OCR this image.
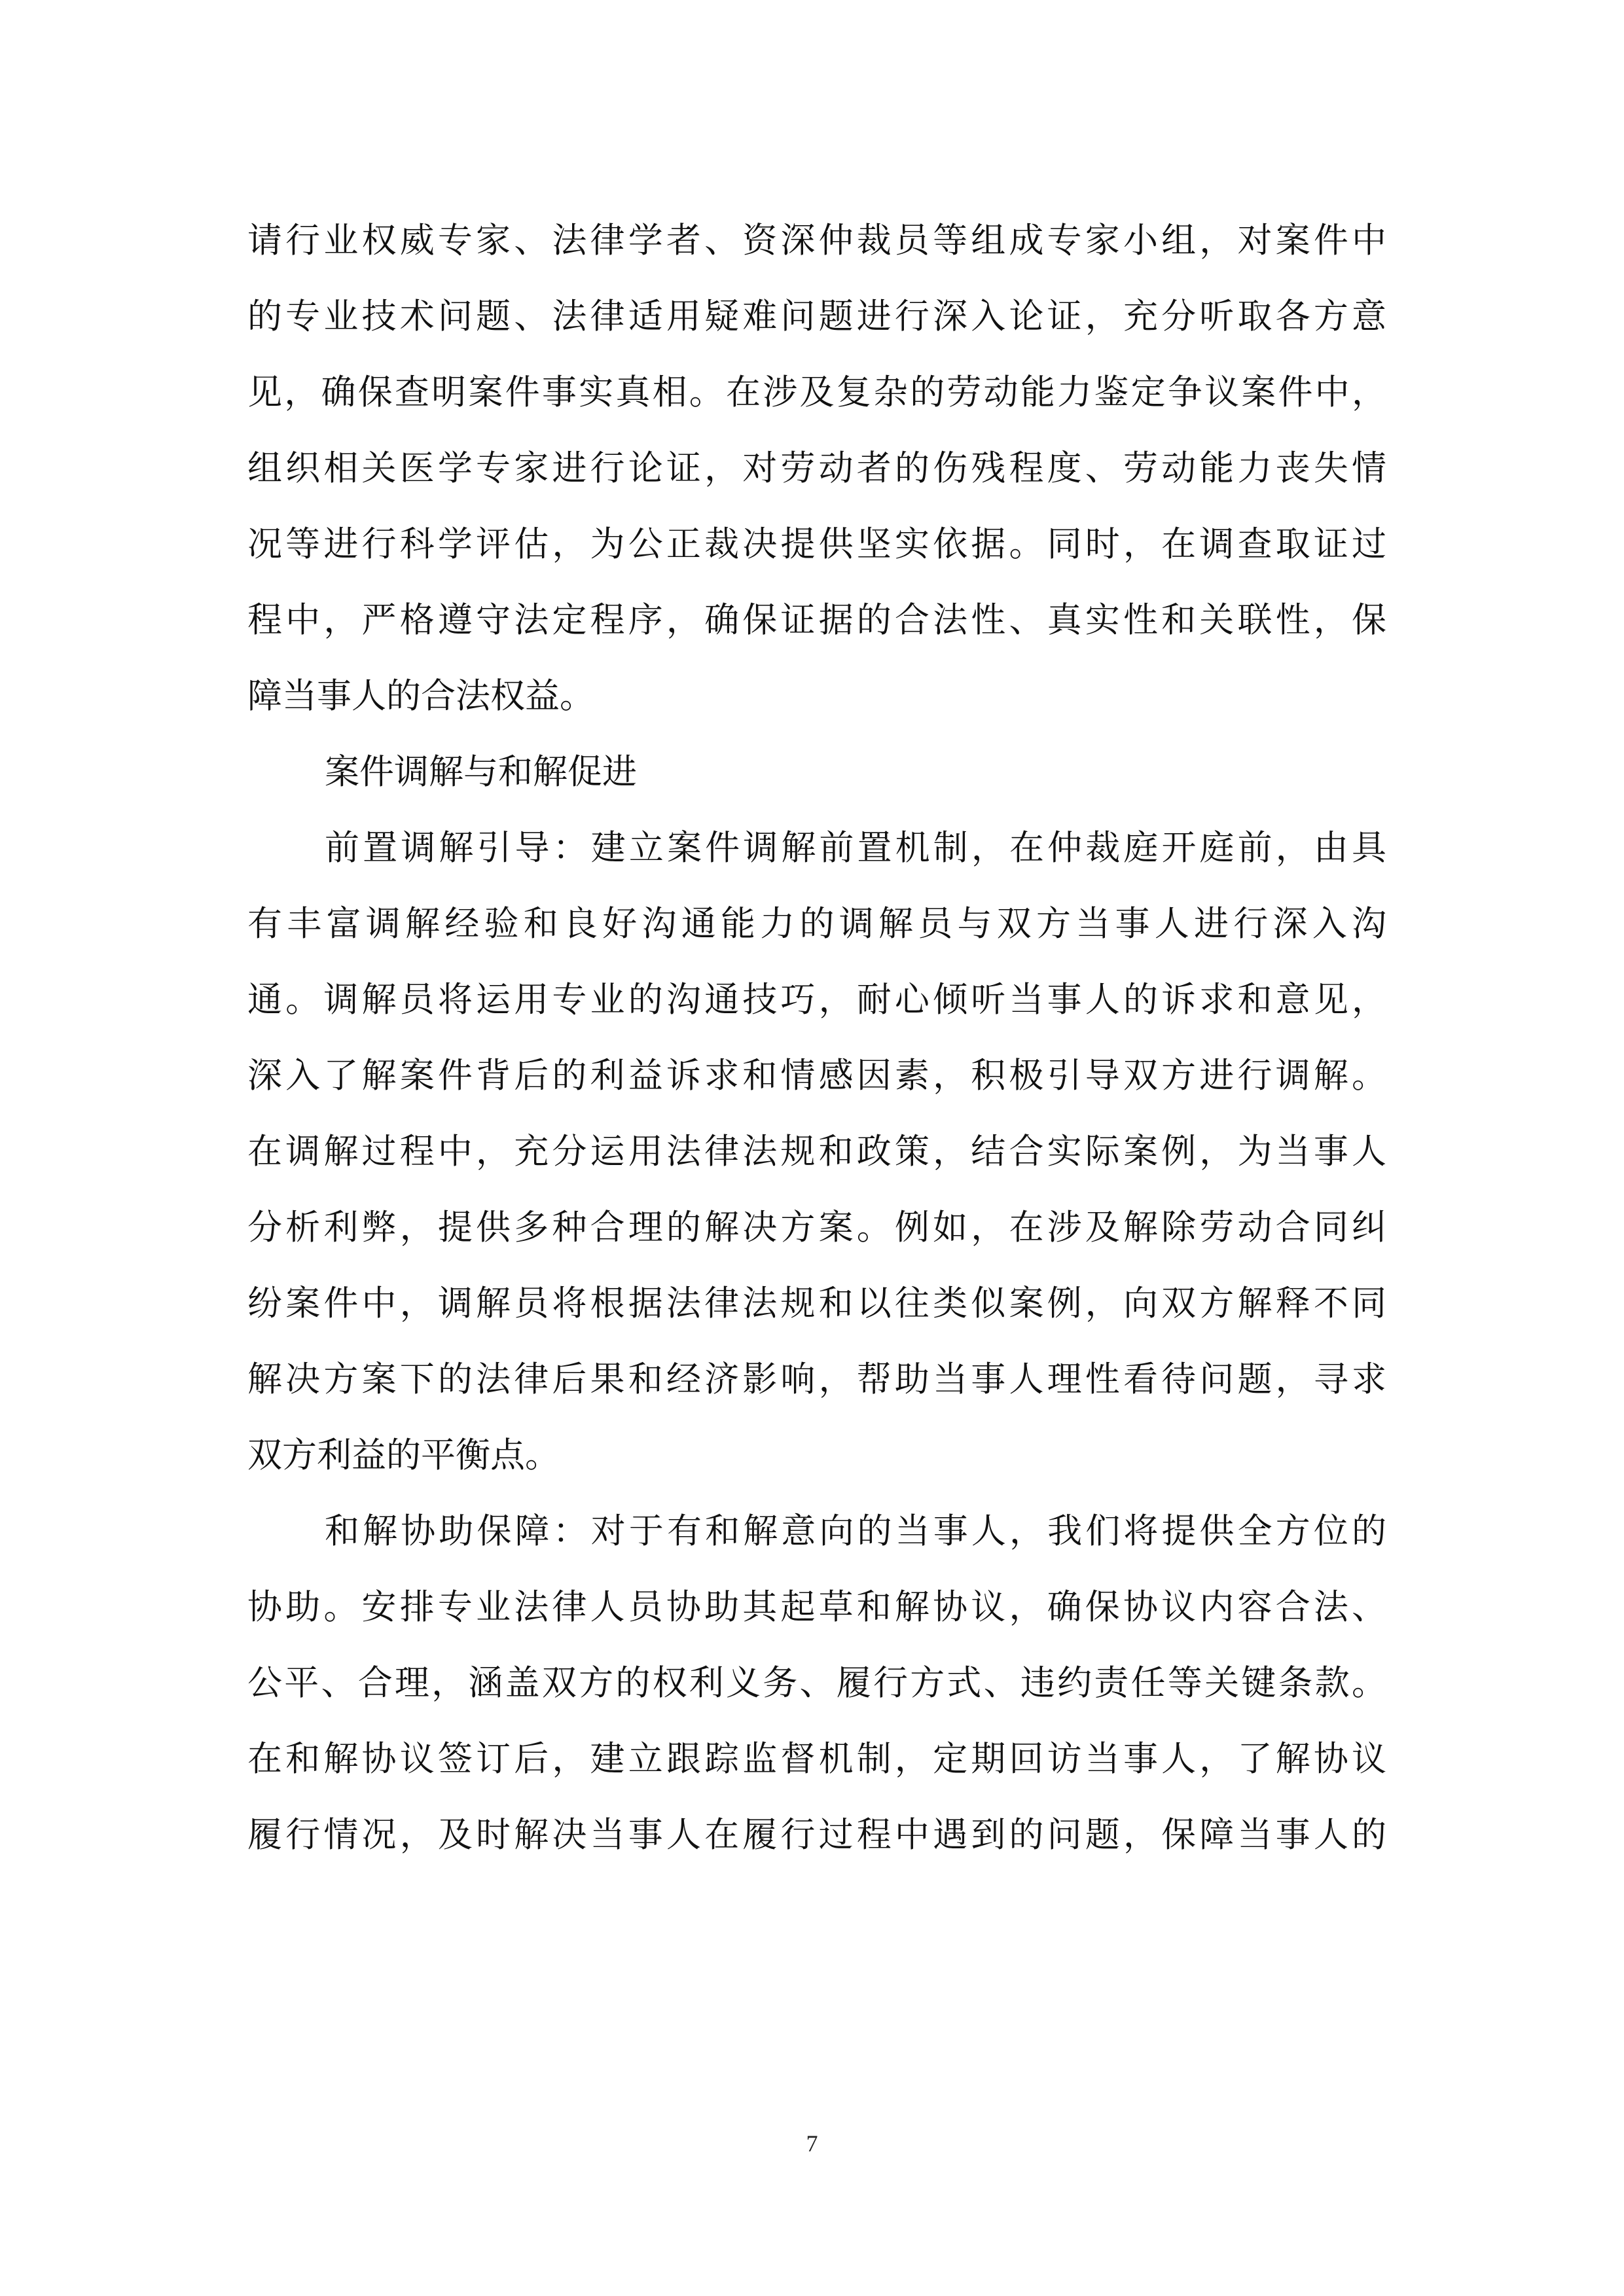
请行业权威专家、法律学者、资深仲裁员等组成专家小组，对案件中
的专业技术问题、法律适用疑难问题进行深入论证，充分听取各方意
见，确保查明案件事实真相。在涉及复杂的劳动能力鉴定争议案件中，
组织相关医学专家进行论证，对劳动者的伤残程度、劳动能力丧失情
况等进行科学评估，为公正裁决提供坚实依据。同时，在调查取证过
程中，严格遵守法定程序，确保证据的合法性、真实性和关联性，保
障当事人的合法权益。
案件调解与和解促进
前置调解引导：建立案件调解前置机制，在仲裁庭开庭前，由具
有丰富调解经验和良好沟通能力的调解员与双方当事人进行深入沟
通。调解员将运用专业的沟通技巧，耐心倾听当事人的诉求和意见，
深入了解案件背后的利益诉求和情感因素，积极引导双方进行调解。
在调解过程中，充分运用法律法规和政策，结合实际案例，为当事人
分析利弊，提供多种合理的解决方案。例如，在涉及解除劳动合同纠
纷案件中，调解员将根据法律法规和以往类似案例，向双方解释不同
解决方案下的法律后果和经济影响，帮助当事人理性看待问题，寻求
双方利益的平衡点。
和解协助保障：对于有和解意向的当事人，我们将提供全方位的
协助。安排专业法律人员协助其起草和解协议，确保协议内容合法、
公平、合理，涵盖双方的权利义务、履行方式、违约责任等关键条款。
在和解协议签订后，建立跟踪监督机制，定期回访当事人，了解协议
履行情况，及时解决当事人在履行过程中遇到的问题，保障当事人的
7
